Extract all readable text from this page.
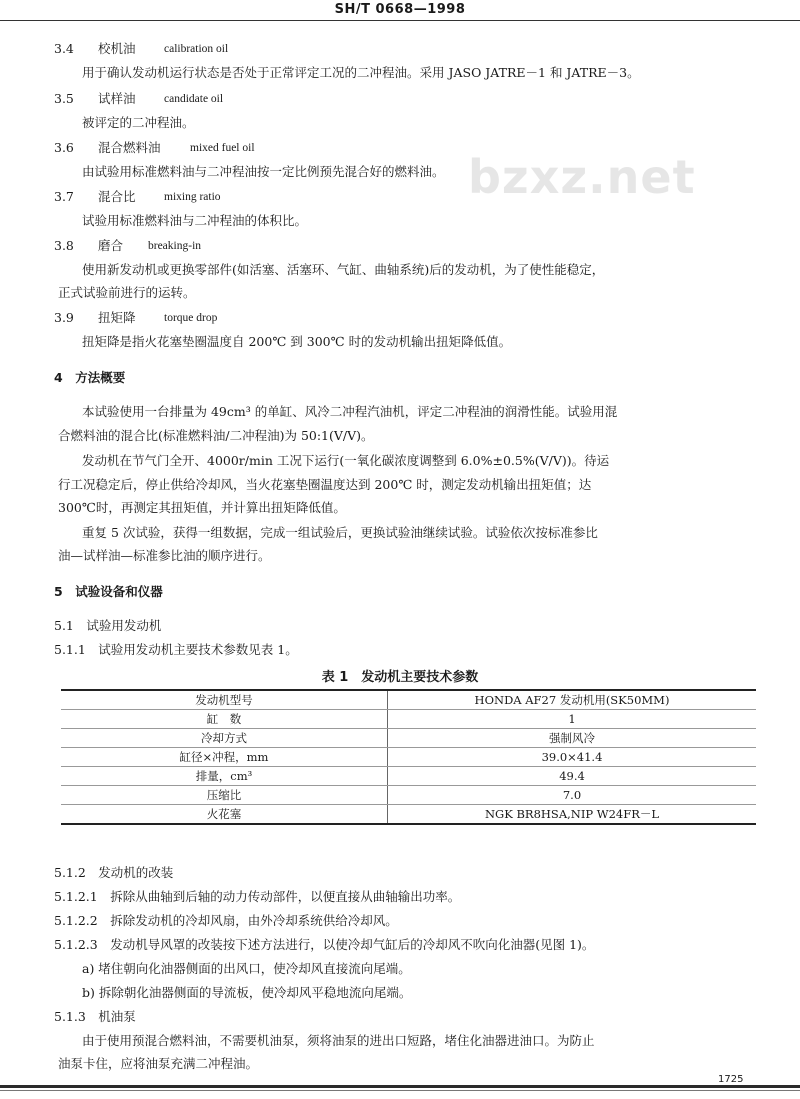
SH/T 0668—1998
bzxz.net
3.4 校机油 calibration oil
用于确认发动机运行状态是否处于正常评定工况的二冲程油。采用 JASO JATRE－1 和 JATRE－3。
3.5 试样油 candidate oil
被评定的二冲程油。
3.6 混合燃料油	mixed fuel oil
由试验用标准燃料油与二冲程油按一定比例预先混合好的燃料油。
3.7 混合比 mixing ratio
试验用标准燃料油与二冲程油的体积比。
3.8 磨合 breaking-in
使用新发动机或更换零部件(如活塞、活塞环、气缸、曲轴系统)后的发动机，为了使性能稳定，
正式试验前进行的运转。
3.9 扭矩降 torque drop
扭矩降是指火花塞垫圈温度自 200℃ 到 300℃ 时的发动机输出扭矩降低值。
4　方法概要
本试验使用一台排量为 49cm³ 的单缸、风冷二冲程汽油机，评定二冲程油的润滑性能。试验用混
合燃料油的混合比(标准燃料油/二冲程油)为 50:1(V/V)。
发动机在节气门全开、4000r/min 工况下运行(一氧化碳浓度调整到 6.0%±0.5%(V/V))。待运
行工况稳定后，停止供给冷却风，当火花塞垫圈温度达到 200℃ 时，测定发动机输出扭矩值；达
300℃时，再测定其扭矩值，并计算出扭矩降低值。
重复 5 次试验，获得一组数据，完成一组试验后，更换试验油继续试验。试验依次按标准参比
油—试样油—标准参比油的顺序进行。
5　试验设备和仪器
5.1　试验用发动机
5.1.1　试验用发动机主要技术参数见表 1。
表 1　发动机主要技术参数
发动机型号	HONDA AF27 发动机用(SK50MM)
缸　数	1
冷却方式	强制风冷
缸径×冲程，mm	39.0×41.4
排量，cm³	49.4
压缩比	7.0
火花塞	NGK BR8HSA,NIP W24FR－L
5.1.2　发动机的改装
5.1.2.1　拆除从曲轴到后轴的动力传动部件，以便直接从曲轴输出功率。
5.1.2.2　拆除发动机的冷却风扇，由外冷却系统供给冷却风。
5.1.2.3　发动机导风罩的改装按下述方法进行，以使冷却气缸后的冷却风不吹向化油器(见图 1)。
a) 堵住朝向化油器侧面的出风口，使冷却风直接流向尾端。
b) 拆除朝化油器侧面的导流板，使冷却风平稳地流向尾端。
5.1.3　机油泵
由于使用预混合燃料油，不需要机油泵，须将油泵的进出口短路，堵住化油器进油口。为防止
油泵卡住，应将油泵充满二冲程油。
1725
